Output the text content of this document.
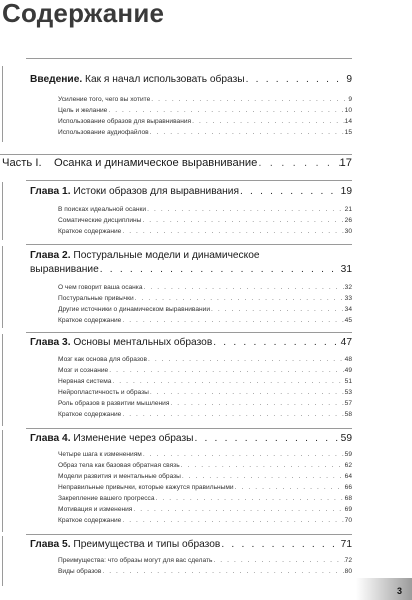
Содержание
Введение. Как я начал использовать образы . . .	9
Усиление того, чего вы хотите . . .	9
Цель и желание . . .	10
Использование образов для выравнивания . . .	14
Использование аудиофайлов . . .	15
Часть I. Осанка и динамическое выравнивание . . .	17
Глава 1. Истоки образов для выравнивания . . .	19
В поисках идеальной осанки . . .	21
Соматические дисциплины . . .	26
Краткое содержание . . .	30
Глава 2. Постуральные модели и динамическое
выравнивание . . .	31
О чем говорит ваша осанка . . .	32
Постуральные привычки . . .	33
Другие источники о динамическом выравнивании . . .	34
Краткое содержание . . .	45
Глава 3. Основы ментальных образов . . .	47
Мозг как основа для образов . . .	48
Мозг и сознание . . .	49
Нервная система . . .	51
Нейропластичность и образы . . .	53
Роль образов в развитии мышления . . .	57
Краткое содержание . . .	58
Глава 4. Изменение через образы . . .	59
Четыре шага к изменениям . . .	59
Образ тела как базовая обратная связь . . .	62
Модели развития и ментальные образы . . .	64
Неправильные привычки, которые кажутся правильными . . .	66
Закрепление вашего прогресса . . .	68
Мотивация и изменения . . .	69
Краткое содержание . . .	70
Глава 5. Преимущества и типы образов . . .	71
Преимущества: что образы могут для вас сделать . . .	72
Виды образов . . .	80
3
